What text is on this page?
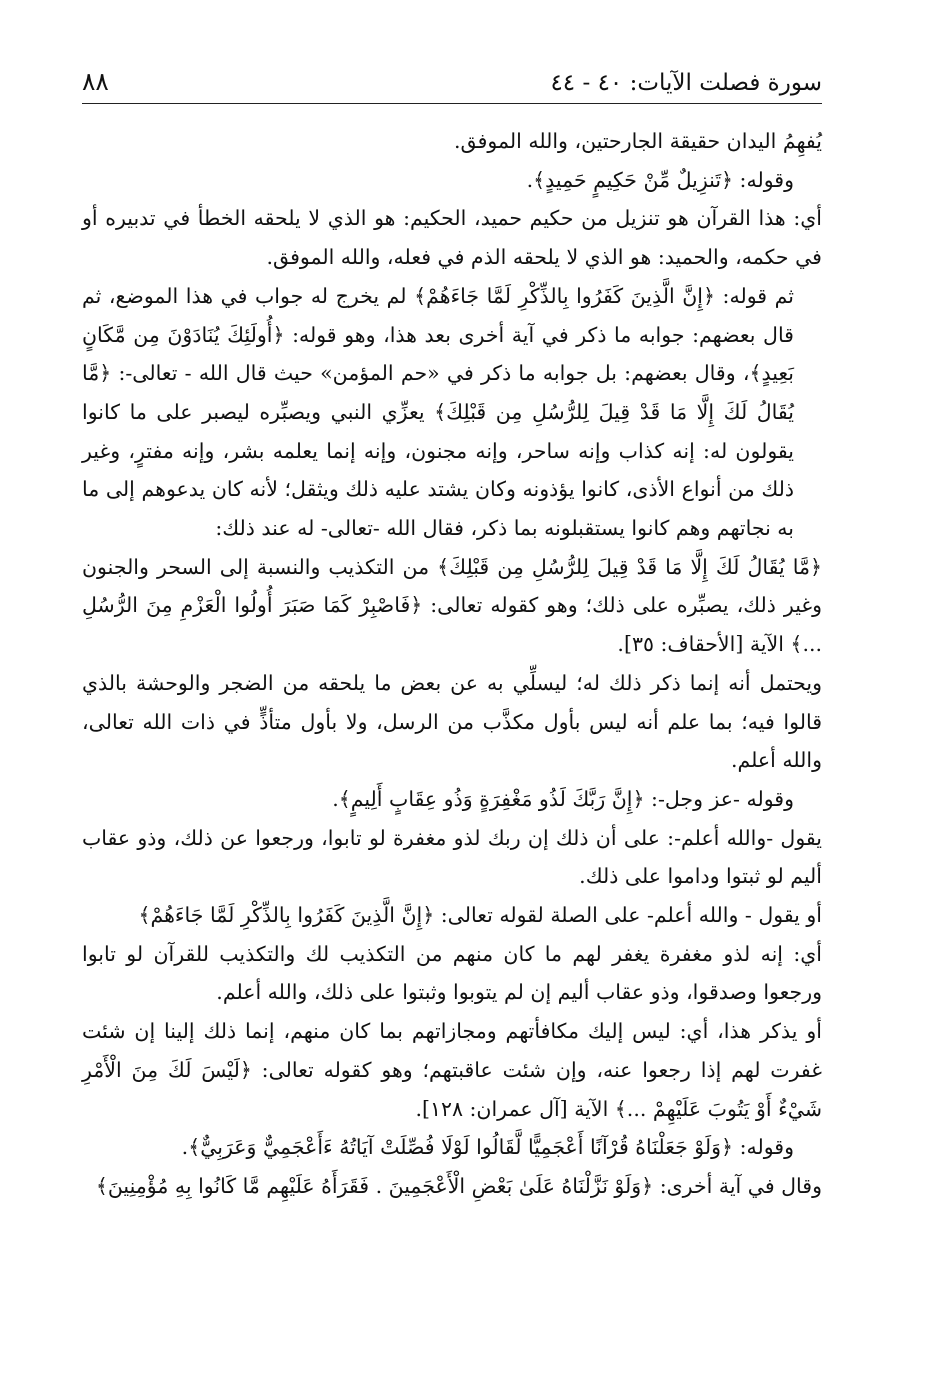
سورة فصلت الآيات: ٤٠ - ٤٤
٨٨

يُفهِمُ اليدان حقيقة الجارحتين، والله الموفق.

وقوله: ﴿تَنزِيلٌ مِّنْ حَكِيمٍ حَمِيدٍ﴾.

أي: هذا القرآن هو تنزيل من حكيم حميد، الحكيم: هو الذي لا يلحقه الخطأ في تدبيره أو في حكمه، والحميد: هو الذي لا يلحقه الذم في فعله، والله الموفق.

ثم قوله: ﴿إِنَّ الَّذِينَ كَفَرُوا بِالذِّكْرِ لَمَّا جَاءَهُمْ﴾ لم يخرج له جواب في هذا الموضع، ثم قال بعضهم: جوابه ما ذكر في آية أخرى بعد هذا، وهو قوله: ﴿أُولَئِكَ يُنَادَوْنَ مِن مَّكَانٍ بَعِيدٍ﴾، وقال بعضهم: بل جوابه ما ذكر في «حم المؤمن» حيث قال الله - تعالى-: ﴿مَّا يُقَالُ لَكَ إِلَّا مَا قَدْ قِيلَ لِلرُّسُلِ مِن قَبْلِكَ﴾ يعزِّي النبي ويصبِّره ليصبر على ما كانوا يقولون له: إنه كذاب وإنه ساحر، وإنه مجنون، وإنه إنما يعلمه بشر، وإنه مفترٍ، وغير ذلك من أنواع الأذى، كانوا يؤذونه وكان يشتد عليه ذلك ويثقل؛ لأنه كان يدعوهم إلى ما به نجاتهم وهم كانوا يستقبلونه بما ذكر، فقال الله -تعالى- له عند ذلك:

﴿مَّا يُقَالُ لَكَ إِلَّا مَا قَدْ قِيلَ لِلرُّسُلِ مِن قَبْلِكَ﴾ من التكذيب والنسبة إلى السحر والجنون وغير ذلك، يصبِّره على ذلك؛ وهو كقوله تعالى: ﴿فَاصْبِرْ كَمَا صَبَرَ أُولُوا الْعَزْمِ مِنَ الرُّسُلِ ...﴾ الآية [الأحقاف: ٣٥].

ويحتمل أنه إنما ذكر ذلك له؛ ليسلِّي به عن بعض ما يلحقه من الضجر والوحشة بالذي قالوا فيه؛ بما علم أنه ليس بأول مكذَّب من الرسل، ولا بأول متأذٍّ في ذات الله تعالى، والله أعلم.

وقوله -عز وجل-: ﴿إِنَّ رَبَّكَ لَذُو مَغْفِرَةٍ وَذُو عِقَابٍ أَلِيمٍ﴾.

يقول -والله أعلم-: على أن ذلك إن ربك لذو مغفرة لو تابوا، ورجعوا عن ذلك، وذو عقاب أليم لو ثبتوا وداموا على ذلك.

أو يقول - والله أعلم- على الصلة لقوله تعالى: ﴿إِنَّ الَّذِينَ كَفَرُوا بِالذِّكْرِ لَمَّا جَاءَهُمْ﴾

أي: إنه لذو مغفرة يغفر لهم ما كان منهم من التكذيب لك والتكذيب للقرآن لو تابوا ورجعوا وصدقوا، وذو عقاب أليم إن لم يتوبوا وثبتوا على ذلك، والله أعلم.

أو يذكر هذا، أي: ليس إليك مكافأتهم ومجازاتهم بما كان منهم، إنما ذلك إلينا إن شئت غفرت لهم إذا رجعوا عنه، وإن شئت عاقبتهم؛ وهو كقوله تعالى: ﴿لَيْسَ لَكَ مِنَ الْأَمْرِ شَيْءٌ أَوْ يَتُوبَ عَلَيْهِمْ ...﴾ الآية [آل عمران: ١٢٨].

وقوله: ﴿وَلَوْ جَعَلْنَاهُ قُرْآنًا أَعْجَمِيًّا لَّقَالُوا لَوْلَا فُصِّلَتْ آيَاتُهُ ءَأَعْجَمِيٌّ وَعَرَبِيٌّ﴾.

وقال في آية أخرى: ﴿وَلَوْ نَزَّلْنَاهُ عَلَىٰ بَعْضِ الْأَعْجَمِينَ . فَقَرَأَهُ عَلَيْهِم مَّا كَانُوا بِهِ مُؤْمِنِينَ﴾
